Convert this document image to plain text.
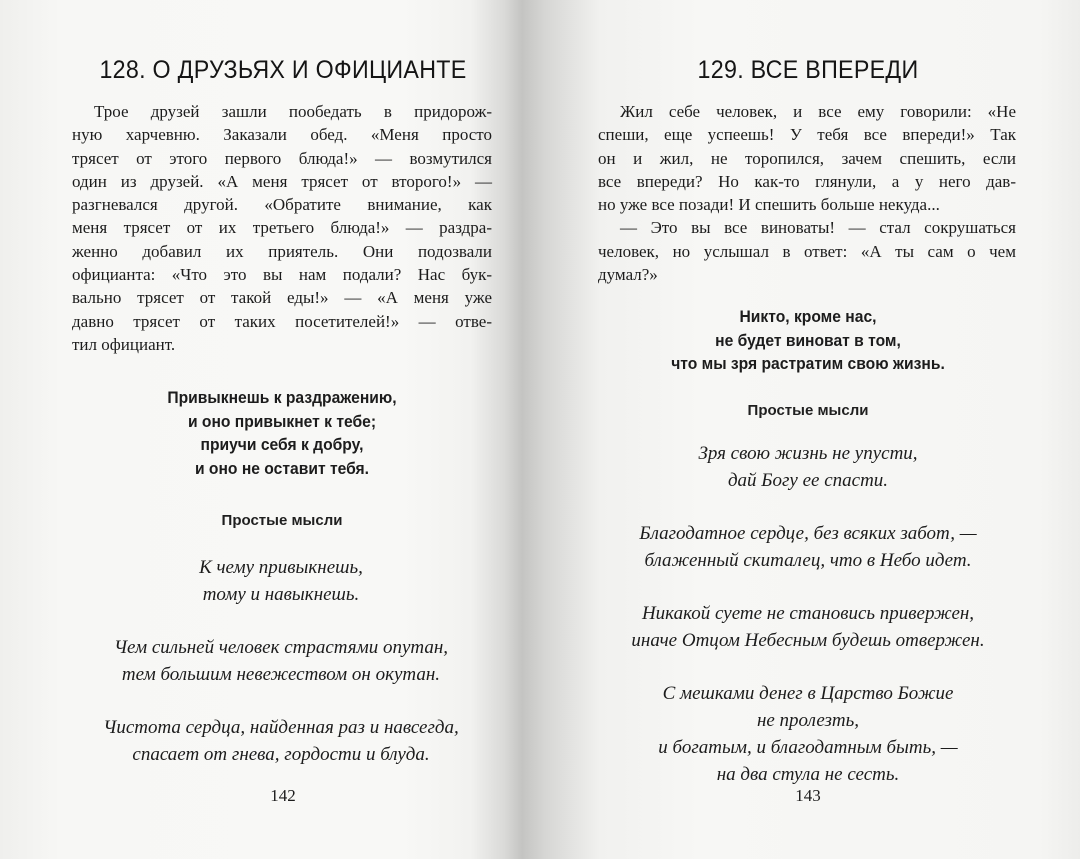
128. О ДРУЗЬЯХ И ОФИЦИАНТЕ
Трое друзей зашли пообедать в придорож-
ную харчевню. Заказали обед. «Меня просто
трясет от этого первого блюда!» — возмутился
один из друзей. «А меня трясет от второго!» —
разгневался другой. «Обратите внимание, как
меня трясет от их третьего блюда!» — раздра-
женно добавил их приятель. Они подозвали
официанта: «Что это вы нам подали? Нас бук-
вально трясет от такой еды!» — «А меня уже
давно трясет от таких посетителей!» — отве-
тил официант.
Привыкнешь к раздражению,
и оно привыкнет к тебе;
приучи себя к добру,
и оно не оставит тебя.
Простые мысли
К чему привыкнешь,
тому и навыкнешь.
Чем сильней человек страстями опутан,
тем большим невежеством он окутан.
Чистота сердца, найденная раз и навсегда,
спасает от гнева, гордости и блуда.
142
129. ВСЕ ВПЕРЕДИ
Жил себе человек, и все ему говорили: «Не
спеши, еще успеешь! У тебя все впереди!» Так
он и жил, не торопился, зачем спешить, если
все впереди? Но как-то глянули, а у него дав-
но уже все позади! И спешить больше некуда...
— Это вы все виноваты! — стал сокрушаться
человек, но услышал в ответ: «А ты сам о чем
думал?»
Никто, кроме нас,
не будет виноват в том,
что мы зря растратим свою жизнь.
Простые мысли
Зря свою жизнь не упусти,
дай Богу ее спасти.
Благодатное сердце, без всяких забот, —
блаженный скиталец, что в Небо идет.
Никакой суете не становись привержен,
иначе Отцом Небесным будешь отвержен.
С мешками денег в Царство Божие
не пролезть,
и богатым, и благодатным быть, —
на два стула не сесть.
143
